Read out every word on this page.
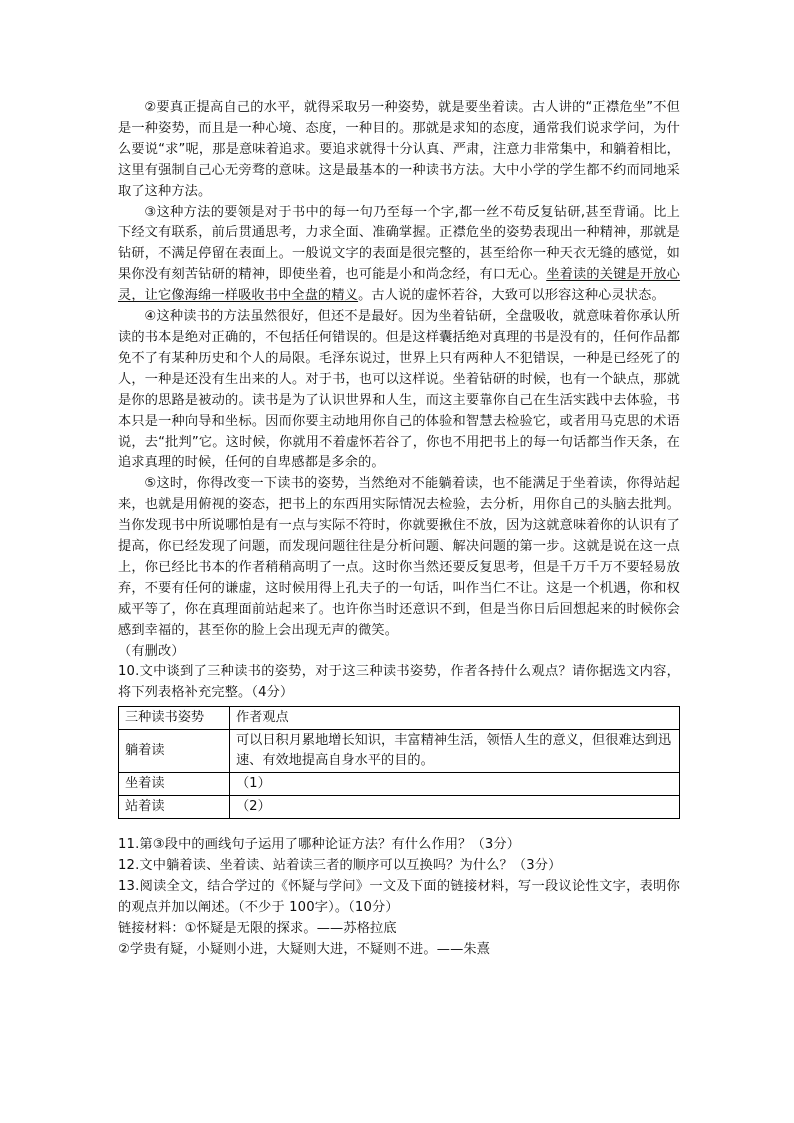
②要真正提高自己的水平，就得采取另一种姿势，就是要坐着读。古人讲的“正襟危坐”不但是一种姿势，而且是一种心境、态度，一种目的。那就是求知的态度，通常我们说求学问，为什么要说“求”呢，那是意味着追求。要追求就得十分认真、严肃，注意力非常集中，和躺着相比，这里有强制自己心无旁骛的意味。这是最基本的一种读书方法。大中小学的学生都不约而同地采取了这种方法。

③这种方法的要领是对于书中的每一句乃至每一个字,都一丝不苟反复钻研,甚至背诵。比上下经文有联系，前后贯通思考，力求全面、准确掌握。正襟危坐的姿势表现出一种精神，那就是钻研，不满足停留在表面上。一般说文字的表面是很完整的，甚至给你一种天衣无缝的感觉，如果你没有刻苦钻研的精神，即使坐着，也可能是小和尚念经，有口无心。坐着读的关键是开放心灵，让它像海绵一样吸收书中全盘的精义。古人说的虚怀若谷，大致可以形容这种心灵状态。

④这种读书的方法虽然很好，但还不是最好。因为坐着钻研，全盘吸收，就意味着你承认所读的书本是绝对正确的，不包括任何错误的。但是这样囊括绝对真理的书是没有的，任何作品都免不了有某种历史和个人的局限。毛泽东说过，世界上只有两种人不犯错误，一种是已经死了的人，一种是还没有生出来的人。对于书，也可以这样说。坐着钻研的时候，也有一个缺点，那就是你的思路是被动的。读书是为了认识世界和人生，而这主要靠你自己在生活实践中去体验，书本只是一种向导和坐标。因而你要主动地用你自己的体验和智慧去检验它，或者用马克思的术语说，去“批判”它。这时候，你就用不着虚怀若谷了，你也不用把书上的每一句话都当作天条，在追求真理的时候，任何的自卑感都是多余的。

⑤这时，你得改变一下读书的姿势，当然绝对不能躺着读，也不能满足于坐着读，你得站起来，也就是用俯视的姿态，把书上的东西用实际情况去检验，去分析，用你自己的头脑去批判。当你发现书中所说哪怕是有一点与实际不符时，你就要揪住不放，因为这就意味着你的认识有了提高，你已经发现了问题，而发现问题往往是分析问题、解决问题的第一步。这就是说在这一点上，你已经比书本的作者稍稍高明了一点。这时你当然还要反复思考，但是千万千万不要轻易放弃，不要有任何的谦虚，这时候用得上孔夫子的一句话，叫作当仁不让。这是一个机遇，你和权威平等了，你在真理面前站起来了。也许你当时还意识不到，但是当你日后回想起来的时候你会感到幸福的，甚至你的脸上会出现无声的微笑。

（有删改）

10.文中谈到了三种读书的姿势，对于这三种读书姿势，作者各持什么观点？请你据选文内容，将下列表格补充完整。（4分）

三种读书姿势	作者观点
躺着读	可以日积月累地增长知识，丰富精神生活，领悟人生的意义，但很难达到迅速、有效地提高自身水平的目的。
坐着读	（1）
站着读	（2）

11.第③段中的画线句子运用了哪种论证方法？有什么作用？（3分）

12.文中躺着读、坐着读、站着读三者的顺序可以互换吗？为什么？（3分）

13.阅读全文，结合学过的《怀疑与学问》一文及下面的链接材料，写一段议论性文字，表明你的观点并加以阐述。（不少于 100字）。（10分）

链接材料：①怀疑是无限的探求。——苏格拉底

②学贵有疑，小疑则小进，大疑则大进，不疑则不进。——朱熹
